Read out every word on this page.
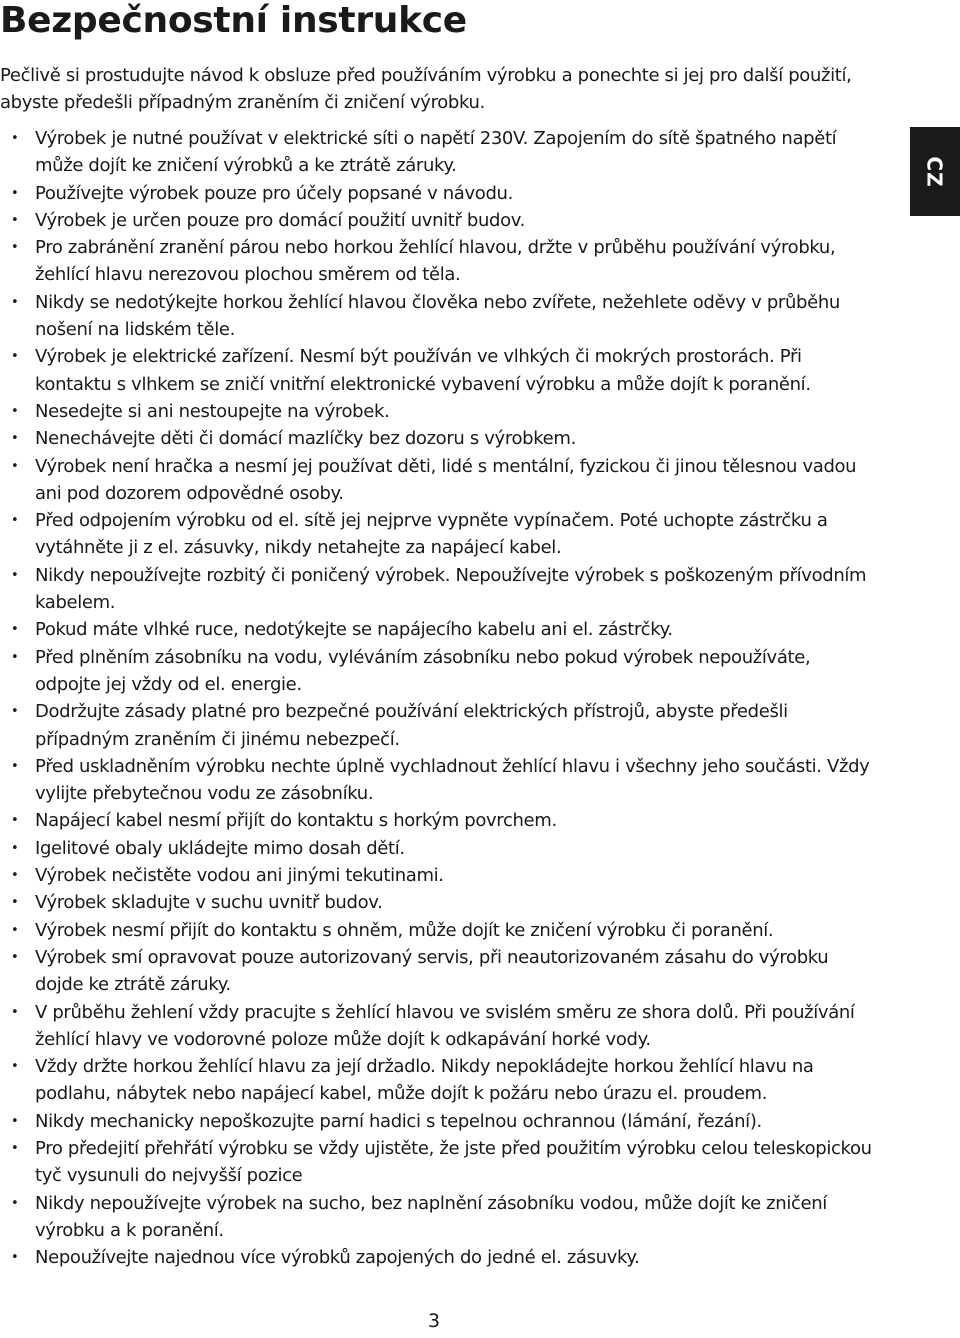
Bezpečnostní instrukce

Pečlivě si prostudujte návod k obsluze před používáním výrobku a ponechte si jej pro další použití, abyste předešli případným zraněním či zničení výrobku.

• Výrobek je nutné používat v elektrické síti o napětí 230V. Zapojením do sítě špatného napětí může dojít ke zničení výrobků a ke ztrátě záruky.
• Používejte výrobek pouze pro účely popsané v návodu.
• Výrobek je určen pouze pro domácí použití uvnitř budov.
• Pro zabránění zranění párou nebo horkou žehlící hlavou, držte v průběhu používání výrobku, žehlící hlavu nerezovou plochou směrem od těla.
• Nikdy se nedotýkejte horkou žehlící hlavou člověka nebo zvířete, nežehlete oděvy v průběhu nošení na lidském těle.
• Výrobek je elektrické zařízení. Nesmí být používán ve vlhkých či mokrých prostorách. Při kontaktu s vlhkem se zničí vnitřní elektronické vybavení výrobku a může dojít k poranění.
• Nesedejte si ani nestoupejte na výrobek.
• Nenechávejte děti či domácí mazlíčky bez dozoru s výrobkem.
• Výrobek není hračka a nesmí jej používat děti, lidé s mentální, fyzickou či jinou tělesnou vadou ani pod dozorem odpovědné osoby.
• Před odpojením výrobku od el. sítě jej nejprve vypněte vypínačem. Poté uchopte zástrčku a vytáhněte ji z el. zásuvky, nikdy netahejte za napájecí kabel.
• Nikdy nepoužívejte rozbitý či poničený výrobek. Nepoužívejte výrobek s poškozeným přívodním kabelem.
• Pokud máte vlhké ruce, nedotýkejte se napájecího kabelu ani el. zástrčky.
• Před plněním zásobníku na vodu, vyléváním zásobníku nebo pokud výrobek nepoužíváte, odpojte jej vždy od el. energie.
• Dodržujte zásady platné pro bezpečné používání elektrických přístrojů, abyste předešli případným zraněním či jinému nebezpečí.
• Před uskladněním výrobku nechte úplně vychladnout žehlící hlavu i všechny jeho součásti. Vždy vylijte přebytečnou vodu ze zásobníku.
• Napájecí kabel nesmí přijít do kontaktu s horkým povrchem.
• Igelitové obaly ukládejte mimo dosah dětí.
• Výrobek nečistěte vodou ani jinými tekutinami.
• Výrobek skladujte v suchu uvnitř budov.
• Výrobek nesmí přijít do kontaktu s ohněm, může dojít ke zničení výrobku či poranění.
• Výrobek smí opravovat pouze autorizovaný servis, při neautorizovaném zásahu do výrobku dojde ke ztrátě záruky.
• V průběhu žehlení vždy pracujte s žehlící hlavou ve svislém směru ze shora dolů. Při používání žehlící hlavy ve vodorovné poloze může dojít k odkapávání horké vody.
• Vždy držte horkou žehlící hlavu za její držadlo. Nikdy nepokládejte horkou žehlící hlavu na podlahu, nábytek nebo napájecí kabel, může dojít k požáru nebo úrazu el. proudem.
• Nikdy mechanicky nepoškozujte parní hadici s tepelnou ochrannou (lámání, řezání).
• Pro předejití přehřátí výrobku se vždy ujistěte, že jste před použitím výrobku celou teleskopickou tyč vysunuli do nejvyšší pozice
• Nikdy nepoužívejte výrobek na sucho, bez naplnění zásobníku vodou, může dojít ke zničení výrobku a k poranění.
• Nepoužívejte najednou více výrobků zapojených do jedné el. zásuvky.
CZ
3
